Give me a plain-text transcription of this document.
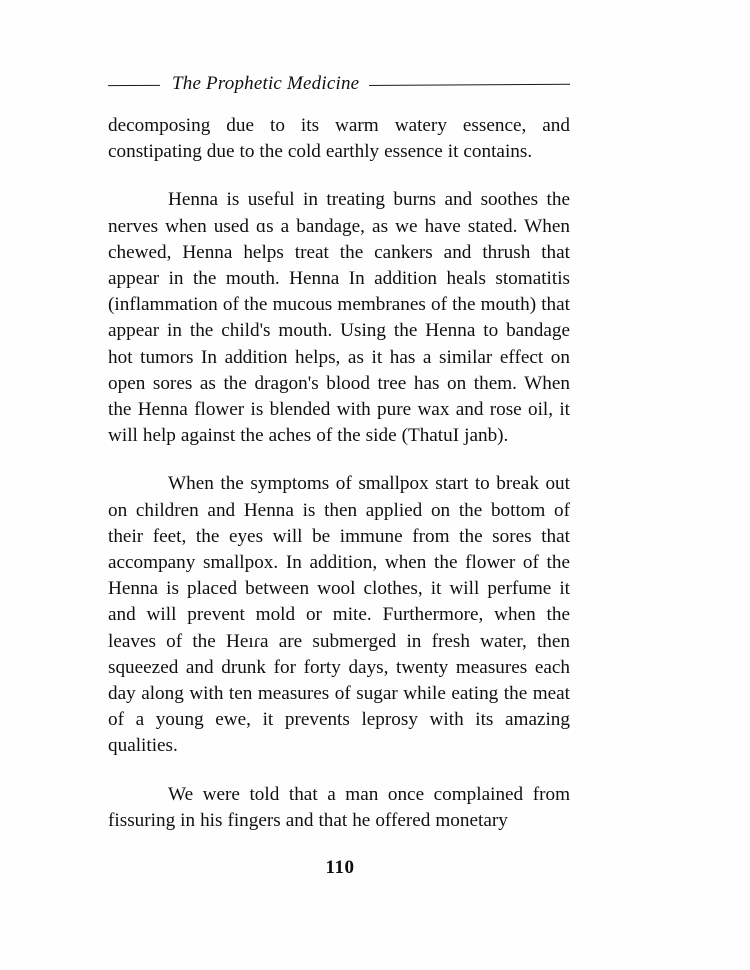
The Prophetic Medicine

decomposing due to its warm watery essence, and constipating due to the cold earthly essence it contains.

Henna is useful in treating burns and soothes the nerves when used ɑs a bandage, as we have stated. When chewed, Henna helps treat the cankers and thrush that appear in the mouth. Henna In addition heals stomatitis (inflammation of the mucous membranes of the mouth) that appear in the child's mouth. Using the Henna to bandage hot tumors In addition helps, as it has a similar effect on open sores as the dragon's blood tree has on them. When the Henna flower is blended with pure wax and rose oil, it will help against the aches of the side (ThatuI janb).

When the symptoms of smallpox start to break out on children and Henna is then applied on the bottom of their feet, the eyes will be immune from the sores that accompany smallpox. In addition, when the flower of the Henna is placed between wool clothes, it will perfume it and will prevent mold or mite. Furthermore, when the leaves of the Heıɾa are submerged in fresh water, then squeezed and drunk for forty days, twenty measures each day along with ten measures of sugar while eating the meat of a young ewe, it prevents leprosy with its amazing qualities.

We were told that a man once complained from fissuring in his fingers and that he offered monetary

110
